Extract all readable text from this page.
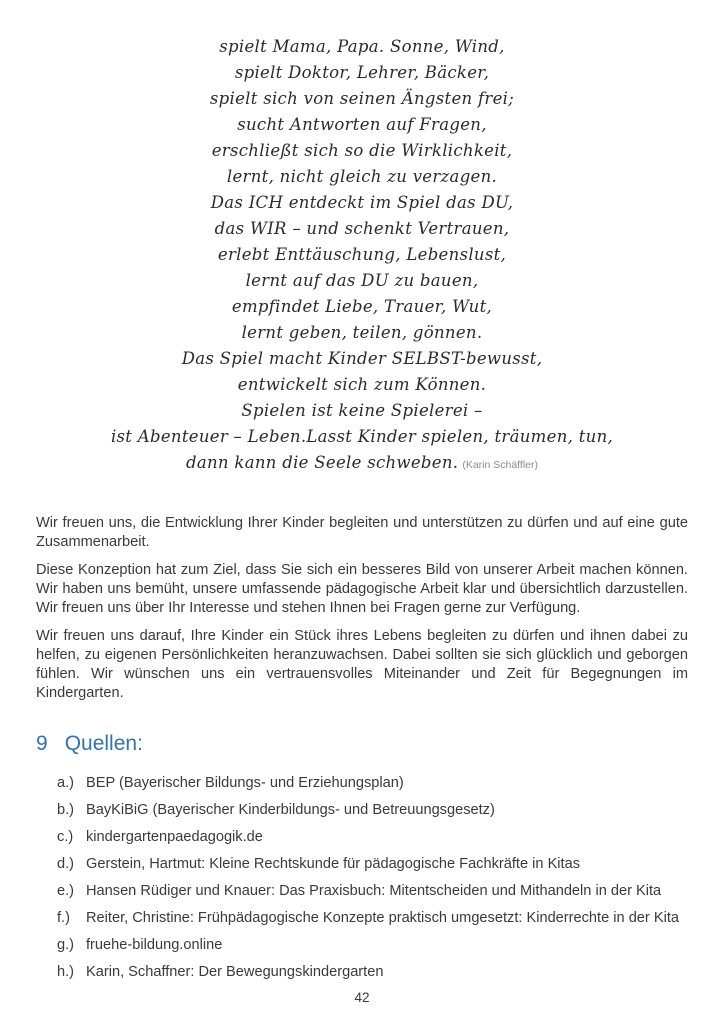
spielt Mama, Papa. Sonne, Wind,
spielt Doktor, Lehrer, Bäcker,
spielt sich von seinen Ängsten frei;
sucht Antworten auf Fragen,
erschließt sich so die Wirklichkeit,
lernt, nicht gleich zu verzagen.
Das ICH entdeckt im Spiel das DU,
das WIR – und schenkt Vertrauen,
erlebt Enttäuschung, Lebenslust,
lernt auf das DU zu bauen,
empfindet Liebe, Trauer, Wut,
lernt geben, teilen, gönnen.
Das Spiel macht Kinder SELBST-bewusst,
entwickelt sich zum Können.
Spielen ist keine Spielerei –
ist Abenteuer – Leben.Lasst Kinder spielen, träumen, tun,
dann kann die Seele schweben. (Karin Schäffler)

Wir freuen uns, die Entwicklung Ihrer Kinder begleiten und unterstützen zu dürfen und auf eine gute Zusammenarbeit.

Diese Konzeption hat zum Ziel, dass Sie sich ein besseres Bild von unserer Arbeit machen können. Wir haben uns bemüht, unsere umfassende pädagogische Arbeit klar und übersichtlich darzustellen. Wir freuen uns über Ihr Interesse und stehen Ihnen bei Fragen gerne zur Verfügung.

Wir freuen uns darauf, Ihre Kinder ein Stück ihres Lebens begleiten zu dürfen und ihnen dabei zu helfen, zu eigenen Persönlichkeiten heranzuwachsen. Dabei sollten sie sich glücklich und geborgen fühlen. Wir wünschen uns ein vertrauensvolles Miteinander und Zeit für Begegnungen im Kindergarten.

9 Quellen:
a.) BEP (Bayerischer Bildungs- und Erziehungsplan)
b.) BayKiBiG (Bayerischer Kinderbildungs- und Betreuungsgesetz)
c.) kindergartenpaedagogik.de
d.) Gerstein, Hartmut: Kleine Rechtskunde für pädagogische Fachkräfte in Kitas
e.) Hansen Rüdiger und Knauer: Das Praxisbuch: Mitentscheiden und Mithandeln in der Kita
f.)	Reiter, Christine: Frühpädagogische Konzepte praktisch umgesetzt: Kinderrechte in der Kita
g.) fruehe-bildung.online
h.) Karin, Schaffner: Der Bewegungskindergarten
42
